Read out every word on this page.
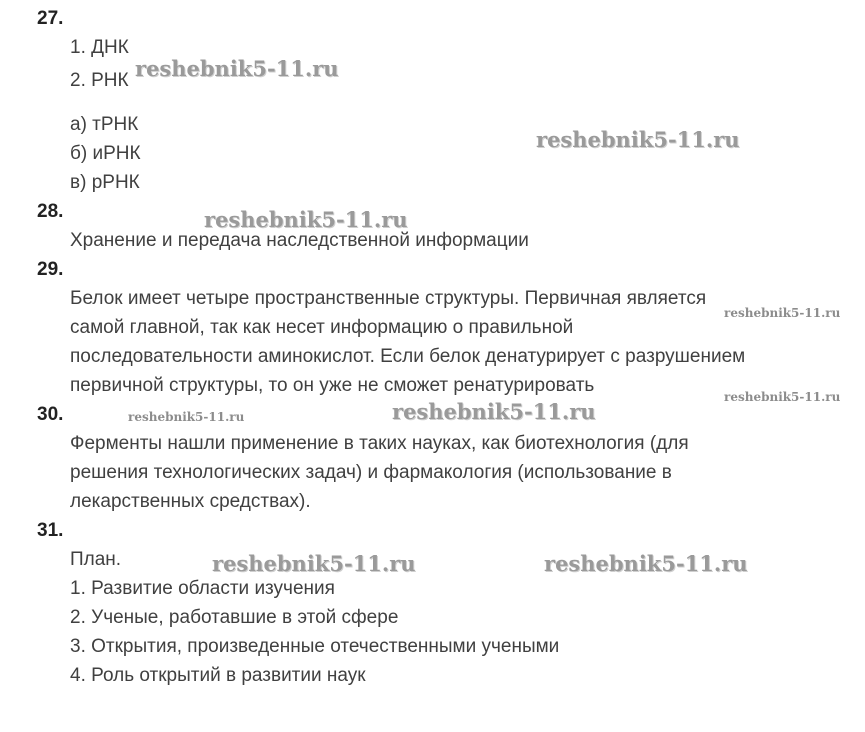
27.
1. ДНК
2. РНК
а) тРНК
б) иРНК
в) рРНК
28.
Хранение и передача наследственной информации
29.
Белок имеет четыре пространственные структуры. Первичная является
самой главной, так как несет информацию о правильной
последовательности аминокислот. Если белок денатурирует с разрушением
первичной структуры, то он уже не сможет ренатурировать
30.
Ферменты нашли применение в таких науках, как биотехнология (для
решения технологических задач) и фармакология (использование в
лекарственных средствах).
31.
План.
1. Развитие области изучения
2. Ученые, работавшие в этой сфере
3. Открытия, произведенные отечественными учеными
4. Роль открытий в развитии наук
reshebnik5-11.ru
reshebnik5-11.ru
reshebnik5-11.ru
reshebnik5-11.ru
reshebnik5-11.ru
reshebnik5-11.ru	reshebnik5-11.ru
reshebnik5-11.ru	reshebnik5-11.ru
